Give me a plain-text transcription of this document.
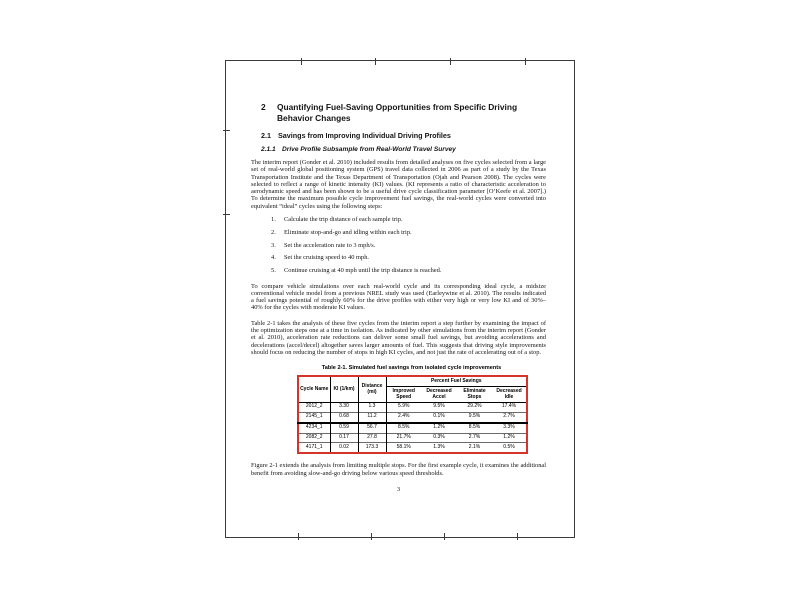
2 Quantifying Fuel-Saving Opportunities from Specific Driving Behavior Changes
2.1 Savings from Improving Individual Driving Profiles
2.1.1 Drive Profile Subsample from Real-World Travel Survey

The interim report (Gonder et al. 2010) included results from detailed analyses on five cycles selected from a large set of real-world global positioning system (GPS) travel data collected in 2006 as part of a study by the Texas Transportation Institute and the Texas Department of Transportation (Ojah and Pearson 2008). The cycles were selected to reflect a range of kinetic intensity (KI) values. (KI represents a ratio of characteristic acceleration to aerodynamic speed and has been shown to be a useful drive cycle classification parameter [O’Keefe et al. 2007].) To determine the maximum possible cycle improvement fuel savings, the real-world cycles were converted into equivalent “ideal” cycles using the following steps:

1. Calculate the trip distance of each sample trip.
2. Eliminate stop-and-go and idling within each trip.
3. Set the acceleration rate to 3 mph/s.
4. Set the cruising speed to 40 mph.
5. Continue cruising at 40 mph until the trip distance is reached.

To compare vehicle simulations over each real-world cycle and its corresponding ideal cycle, a midsize conventional vehicle model from a previous NREL study was used (Earleywine et al. 2010). The results indicated a fuel savings potential of roughly 60% for the drive profiles with either very high or very low KI and of 30%–40% for the cycles with moderate KI values.

Table 2-1 takes the analysis of these five cycles from the interim report a step further by examining the impact of the optimization steps one at a time in isolation. As indicated by other simulations from the interim report (Gonder et al. 2010), acceleration rate reductions can deliver some small fuel savings, but avoiding accelerations and decelerations (accel/decel) altogether saves larger amounts of fuel. This suggests that driving style improvements should focus on reducing the number of stops in high KI cycles, and not just the rate of accelerating out of a stop.

Table 2-1. Simulated fuel savings from isolated cycle improvements
Cycle Name	KI (1/km)	Distance (mi)	Percent Fuel Savings			
			Improved Speed	Decreased Accel	Eliminate Stops	Decreased Idle
2012_2	3.30	1.3	5.9%	9.5%	29.2%	17.4%
2145_1	0.68	11.2	2.4%	0.1%	9.5%	2.7%
4234_1	0.59	56.7	8.5%	1.2%	8.5%	3.3%
2082_2	0.17	27.8	21.7%	0.3%	2.7%	1.2%
4171_1	0.02	173.3	58.1%	1.3%	2.1%	0.5%

Figure 2-1 extends the analysis from limiting multiple stops. For the first example cycle, it examines the additional benefit from avoiding slow-and-go driving below various speed thresholds.

3
